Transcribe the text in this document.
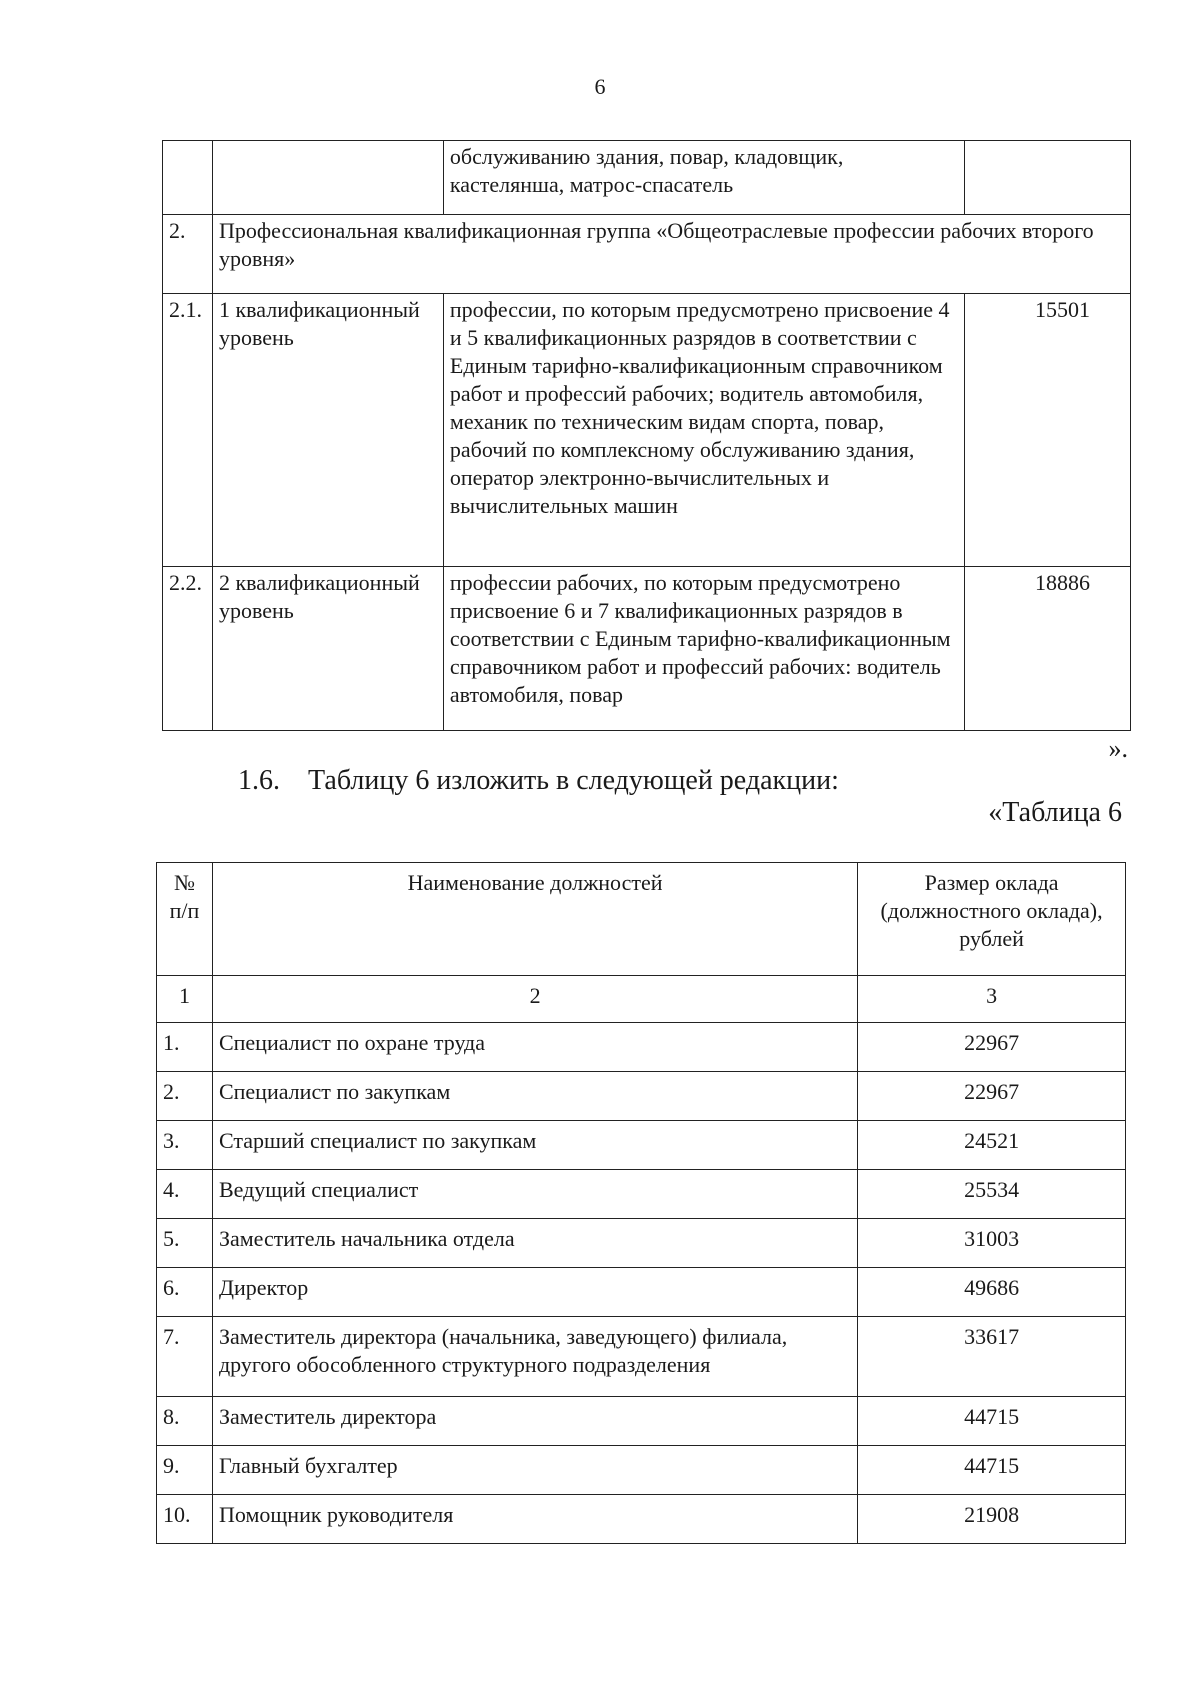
6
		обслуживанию здания, повар, кладовщик, кастелянша, матрос-спасатель	
2.	Профессиональная квалификационная группа «Общеотраслевые профессии рабочих второго уровня»		
2.1.	1 квалификационный уровень	профессии, по которым предусмотрено присвоение 4 и 5 квалификационных разрядов в соответствии с Единым тарифно-квалификационным справочником работ и профессий рабочих; водитель автомобиля, механик по техническим видам спорта, повар, рабочий по комплексному обслуживанию здания, оператор электронно-вычислительных и вычислительных машин	15501
2.2.	2 квалификационный уровень	профессии рабочих, по которым предусмотрено присвоение 6 и 7 квалификационных разрядов в соответствии с Единым тарифно-квалификационным справочником работ и профессий рабочих: водитель автомобиля, повар	18886
».
1.6.    Таблицу 6 изложить в следующей редакции:
«Таблица 6
№ п/п	Наименование должностей	Размер оклада (должностного оклада), рублей
1	2	3
1.	Специалист по охране труда	22967
2.	Специалист по закупкам	22967
3.	Старший специалист по закупкам	24521
4.	Ведущий специалист	25534
5.	Заместитель начальника отдела	31003
6.	Директор	49686
7.	Заместитель директора (начальника, заведующего) филиала, другого обособленного структурного подразделения	33617
8.	Заместитель директора	44715
9.	Главный бухгалтер	44715
10.	Помощник руководителя	21908
